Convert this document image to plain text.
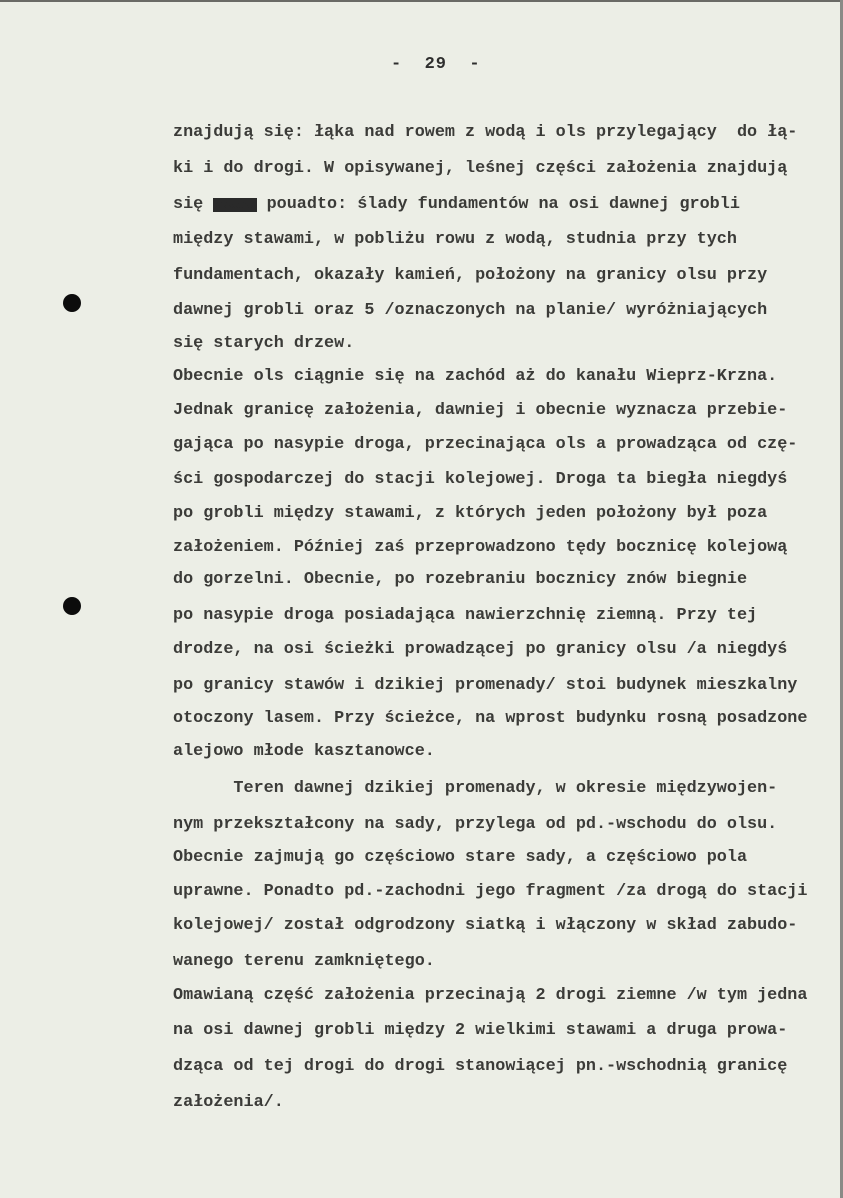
-  29  -
znajdują się: łąka nad rowem z wodą i ols przylegający  do łą-
ki i do drogi. W opisywanej, leśnej części założenia znajdują
się xxxxxx pouadto: ślady fundamentów na osi dawnej grobli
między stawami, w pobliżu rowu z wodą, studnia przy tych
fundamentach, okazały kamień, położony na granicy olsu przy
dawnej grobli oraz 5 /oznaczonych na planie/ wyróżniających
się starych drzew.
Obecnie ols ciągnie się na zachód aż do kanału Wieprz-Krzna.
Jednak granicę założenia, dawniej i obecnie wyznacza przebie-
gająca po nasypie droga, przecinająca ols a prowadząca od czę-
ści gospodarczej do stacji kolejowej. Droga ta biegła niegdyś
po grobli między stawami, z których jeden położony był poza
założeniem. Później zaś przeprowadzono tędy bocznicę kolejową
do gorzelni. Obecnie, po rozebraniu bocznicy znów biegnie
po nasypie droga posiadająca nawierzchnię ziemną. Przy tej
drodze, na osi ścieżki prowadzącej po granicy olsu /a niegdyś
po granicy stawów i dzikiej promenady/ stoi budynek mieszkalny
otoczony lasem. Przy ścieżce, na wprost budynku rosną posadzone
alejowo młode kasztanowce.
Teren dawnej dzikiej promenady, w okresie międzywojen-
nym przekształcony na sady, przylega od pd.-wschodu do olsu.
Obecnie zajmują go częściowo stare sady, a częściowo pola
uprawne. Ponadto pd.-zachodni jego fragment /za drogą do stacji
kolejowej/ został odgrodzony siatką i włączony w skład zabudo-
wanego terenu zamkniętego.
Omawianą część założenia przecinają 2 drogi ziemne /w tym jedna
na osi dawnej grobli między 2 wielkimi stawami a druga prowa-
dząca od tej drogi do drogi stanowiącej pn.-wschodnią granicę
założenia/.
